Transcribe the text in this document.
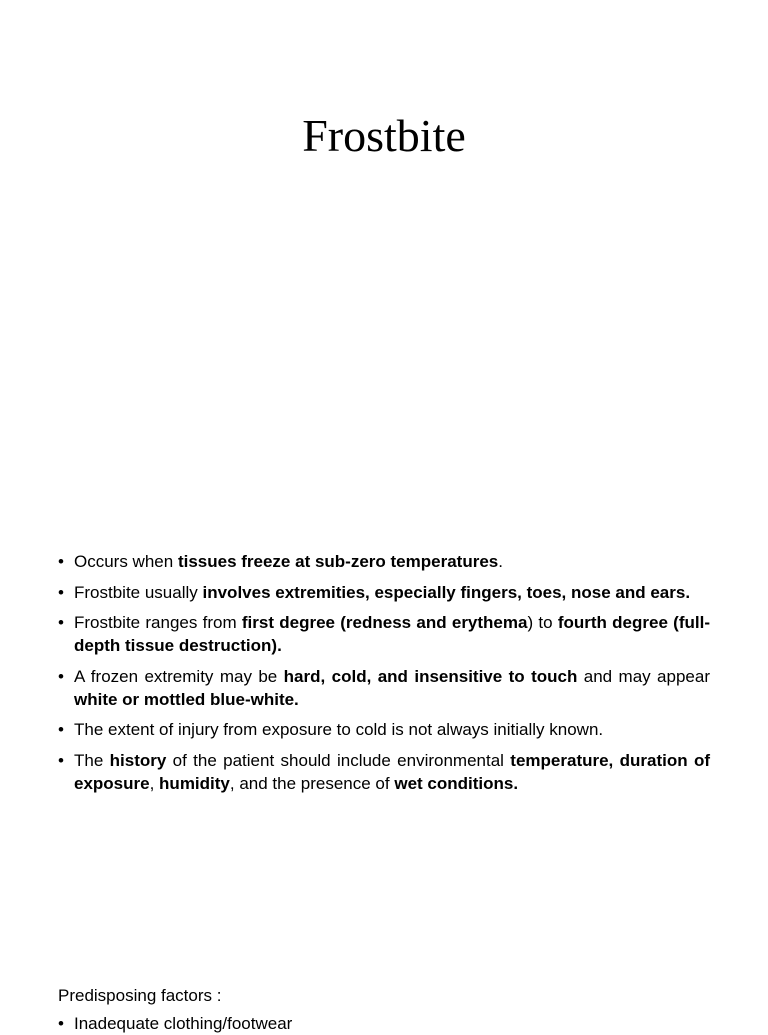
Frostbite
• Occurs when tissues freeze at sub-zero temperatures.
• Frostbite usually involves extremities, especially fingers, toes, nose and ears.
• Frostbite ranges from first degree (redness and erythema) to fourth degree (full-depth tissue destruction).
• A frozen extremity may be hard, cold, and insensitive to touch and may appear white or mottled blue-white.
• The extent of injury from exposure to cold is not always initially known.
• The history of the patient should include environmental temperature, duration of exposure, humidity, and the presence of wet conditions.

Predisposing factors :

• Inadequate clothing/footwear
